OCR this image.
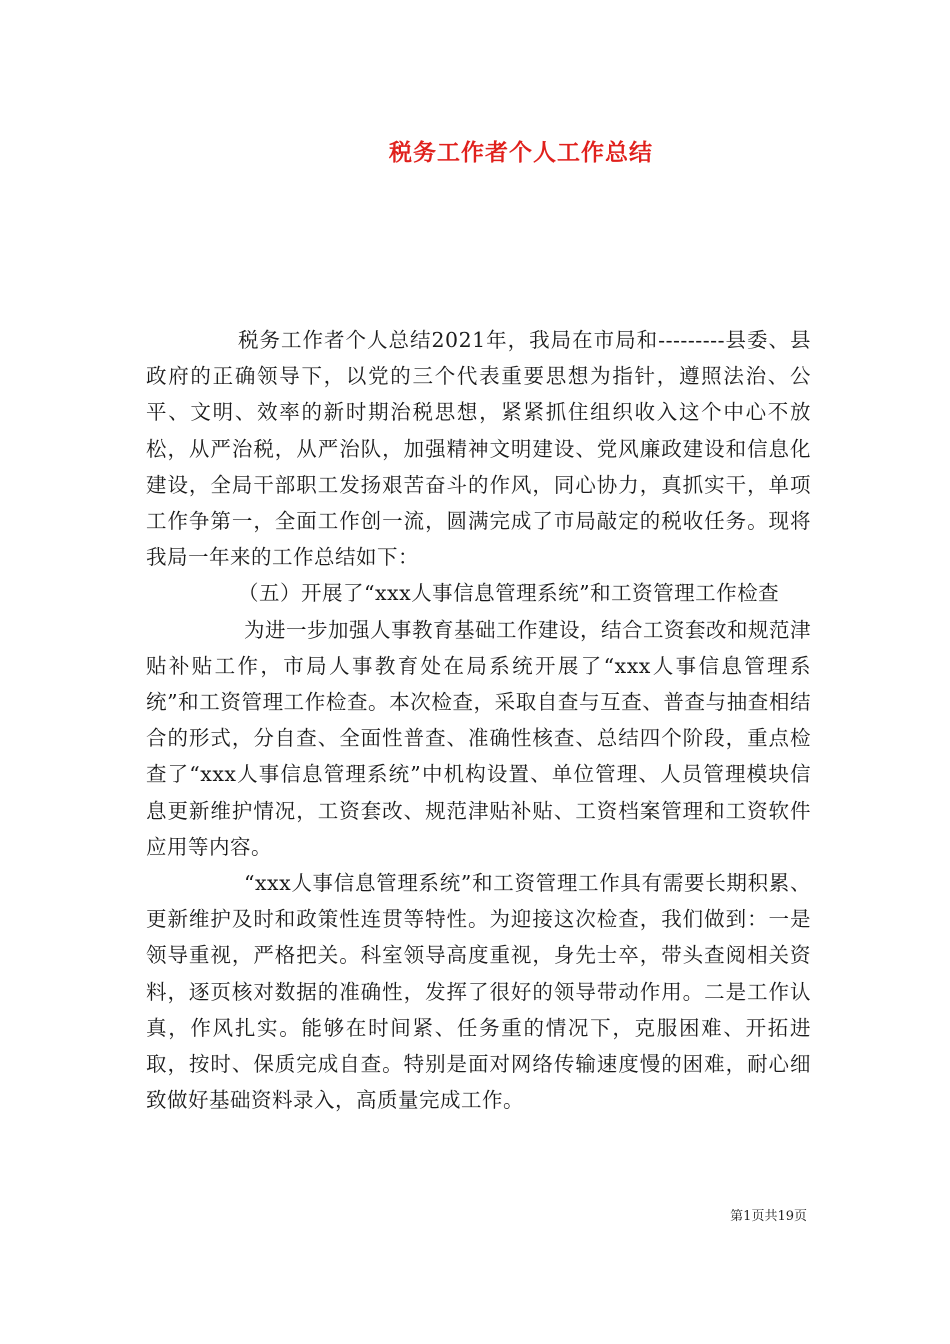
税务工作者个人工作总结

税务工作者个人总结2021年，我局在市局和---------县委、县政府的正确领导下，以党的三个代表重要思想为指针，遵照法治、公平、文明、效率的新时期治税思想，紧紧抓住组织收入这个中心不放松，从严治税，从严治队，加强精神文明建设、党风廉政建设和信息化建设，全局干部职工发扬艰苦奋斗的作风，同心协力，真抓实干，单项工作争第一，全面工作创一流，圆满完成了市局敲定的税收任务。现将我局一年来的工作总结如下：

（五）开展了“xxx人事信息管理系统”和工资管理工作检查

为进一步加强人事教育基础工作建设，结合工资套改和规范津贴补贴工作，市局人事教育处在局系统开展了“xxx人事信息管理系统”和工资管理工作检查。本次检查，采取自查与互查、普查与抽查相结合的形式，分自查、全面性普查、准确性核查、总结四个阶段，重点检查了“xxx人事信息管理系统”中机构设置、单位管理、人员管理模块信息更新维护情况，工资套改、规范津贴补贴、工资档案管理和工资软件应用等内容。

“xxx人事信息管理系统”和工资管理工作具有需要长期积累、更新维护及时和政策性连贯等特性。为迎接这次检查，我们做到：一是领导重视，严格把关。科室领导高度重视，身先士卒，带头查阅相关资料，逐页核对数据的准确性，发挥了很好的领导带动作用。二是工作认真，作风扎实。能够在时间紧、任务重的情况下，克服困难、开拓进取，按时、保质完成自查。特别是面对网络传输速度慢的困难，耐心细致做好基础资料录入，高质量完成工作。

第1页共19页
